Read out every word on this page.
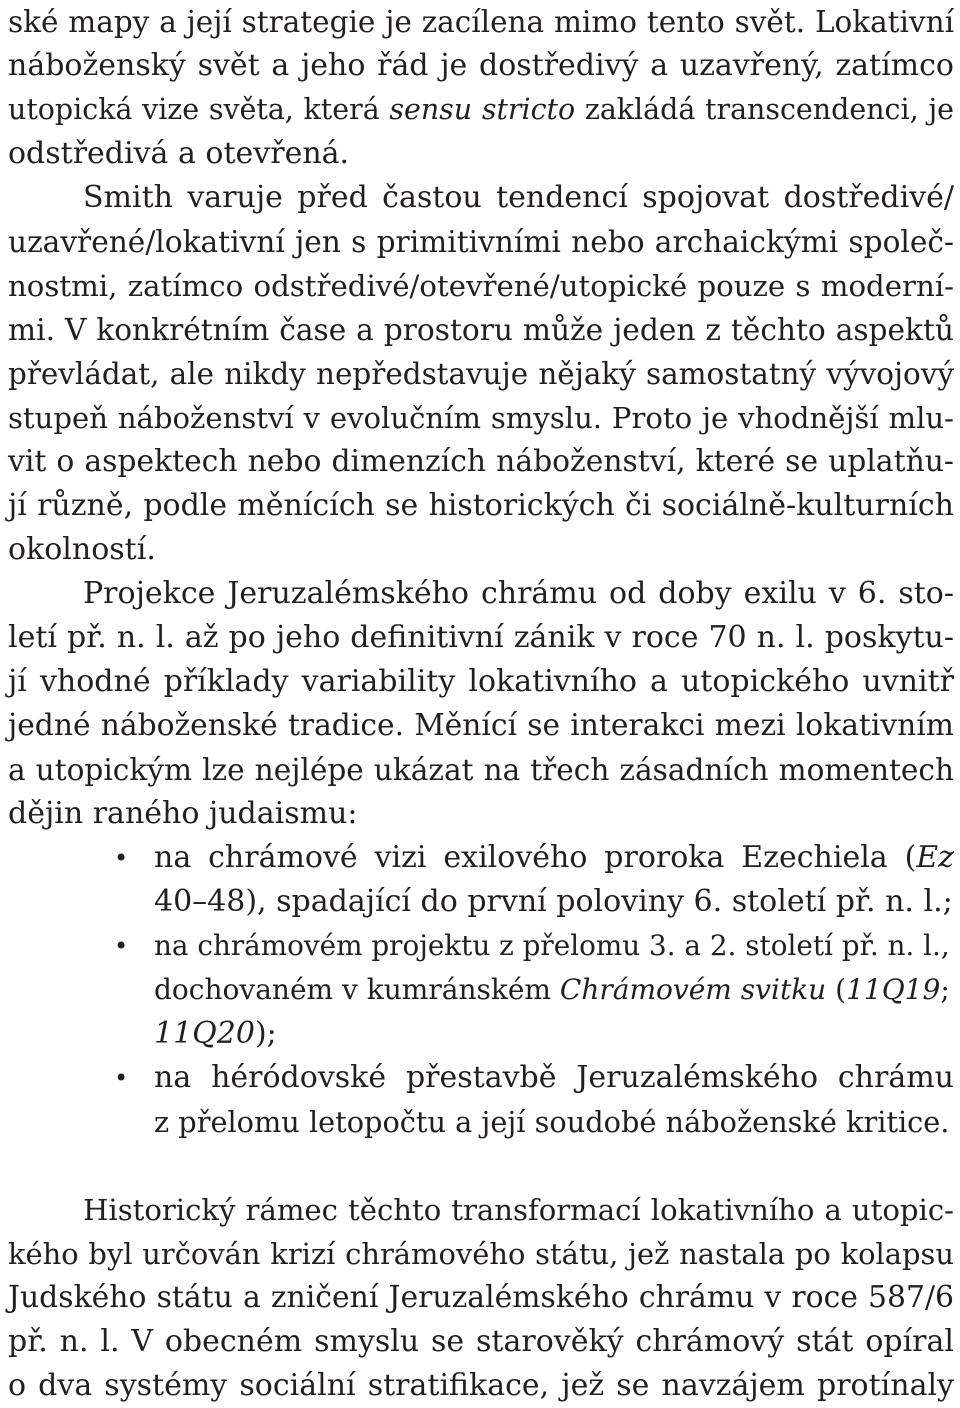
ské mapy a její strategie je zacílena mimo tento svět. Lokativní
náboženský svět a jeho řád je dostředivý a uzavřený, zatímco
utopická vize světa, která sensu stricto zakládá transcendenci, je
odstředivá a otevřená.
Smith varuje před častou tendencí spojovat dostředivé/
uzavřené/lokativní jen s primitivními nebo archaickými společ-
nostmi, zatímco odstředivé/otevřené/utopické pouze s moderní-
mi. V konkrétním čase a prostoru může jeden z těchto aspektů
převládat, ale nikdy nepředstavuje nějaký samostatný vývojový
stupeň náboženství v evolučním smyslu. Proto je vhodnější mlu-
vit o aspektech nebo dimenzích náboženství, které se uplatňu-
jí různě, podle měnících se historických či sociálně-kulturních
okolností.
Projekce Jeruzalémského chrámu od doby exilu v 6. sto-
letí př. n. l. až po jeho definitivní zánik v roce 70 n. l. poskytu-
jí vhodné příklady variability lokativního a utopického uvnitř
jedné náboženské tradice. Měnící se interakci mezi lokativním
a utopickým lze nejlépe ukázat na třech zásadních momentech
dějin raného judaismu:
• na chrámové vizi exilového proroka Ezechiela (Ez
40–48), spadající do první poloviny 6. století př. n. l.;
• na chrámovém projektu z přelomu 3. a 2. století př. n. l.,
dochovaném v kumránském Chrámovém svitku (11Q19;
11Q20);
• na héródovské přestavbě Jeruzalémského chrámu
z přelomu letopočtu a její soudobé náboženské kritice.
Historický rámec těchto transformací lokativního a utopic-
kého byl určován krizí chrámového státu, jež nastala po kolapsu
Judského státu a zničení Jeruzalémského chrámu v roce 587/6
př. n. l. V obecném smyslu se starověký chrámový stát opíral
o dva systémy sociální stratifikace, jež se navzájem protínaly
